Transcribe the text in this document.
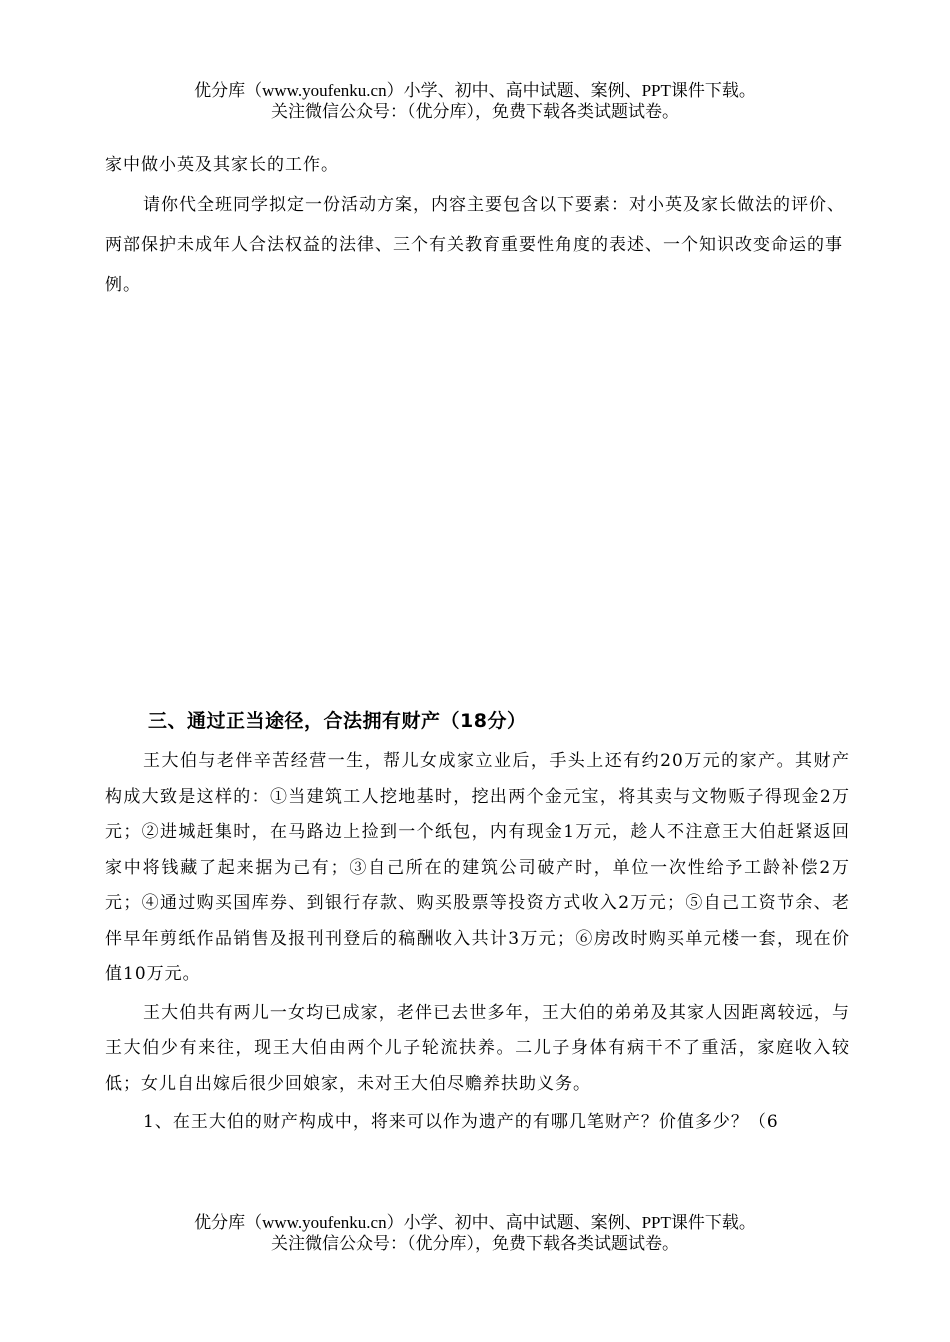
优分库（www.youfenku.cn）小学、初中、高中试题、案例、PPT课件下载。
关注微信公众号：（优分库），免费下载各类试题试卷。

家中做小英及其家长的工作。

请你代全班同学拟定一份活动方案，内容主要包含以下要素：对小英及家长做法的评价、两部保护未成年人合法权益的法律、三个有关教育重要性角度的表述、一个知识改变命运的事例。

三、通过正当途径，合法拥有财产（18分）

王大伯与老伴辛苦经营一生，帮儿女成家立业后，手头上还有约20万元的家产。其财产构成大致是这样的：①当建筑工人挖地基时，挖出两个金元宝，将其卖与文物贩子得现金2万元；②进城赶集时，在马路边上捡到一个纸包，内有现金1万元，趁人不注意王大伯赶紧返回家中将钱藏了起来据为己有；③自己所在的建筑公司破产时，单位一次性给予工龄补偿2万元；④通过购买国库券、到银行存款、购买股票等投资方式收入2万元；⑤自己工资节余、老伴早年剪纸作品销售及报刊刊登后的稿酬收入共计3万元；⑥房改时购买单元楼一套，现在价值10万元。

王大伯共有两儿一女均已成家，老伴已去世多年，王大伯的弟弟及其家人因距离较远，与王大伯少有来往，现王大伯由两个儿子轮流扶养。二儿子身体有病干不了重活，家庭收入较低；女儿自出嫁后很少回娘家，未对王大伯尽赡养扶助义务。

1、在王大伯的财产构成中，将来可以作为遗产的有哪几笔财产？价值多少？（6

优分库（www.youfenku.cn）小学、初中、高中试题、案例、PPT课件下载。
关注微信公众号：（优分库），免费下载各类试题试卷。
